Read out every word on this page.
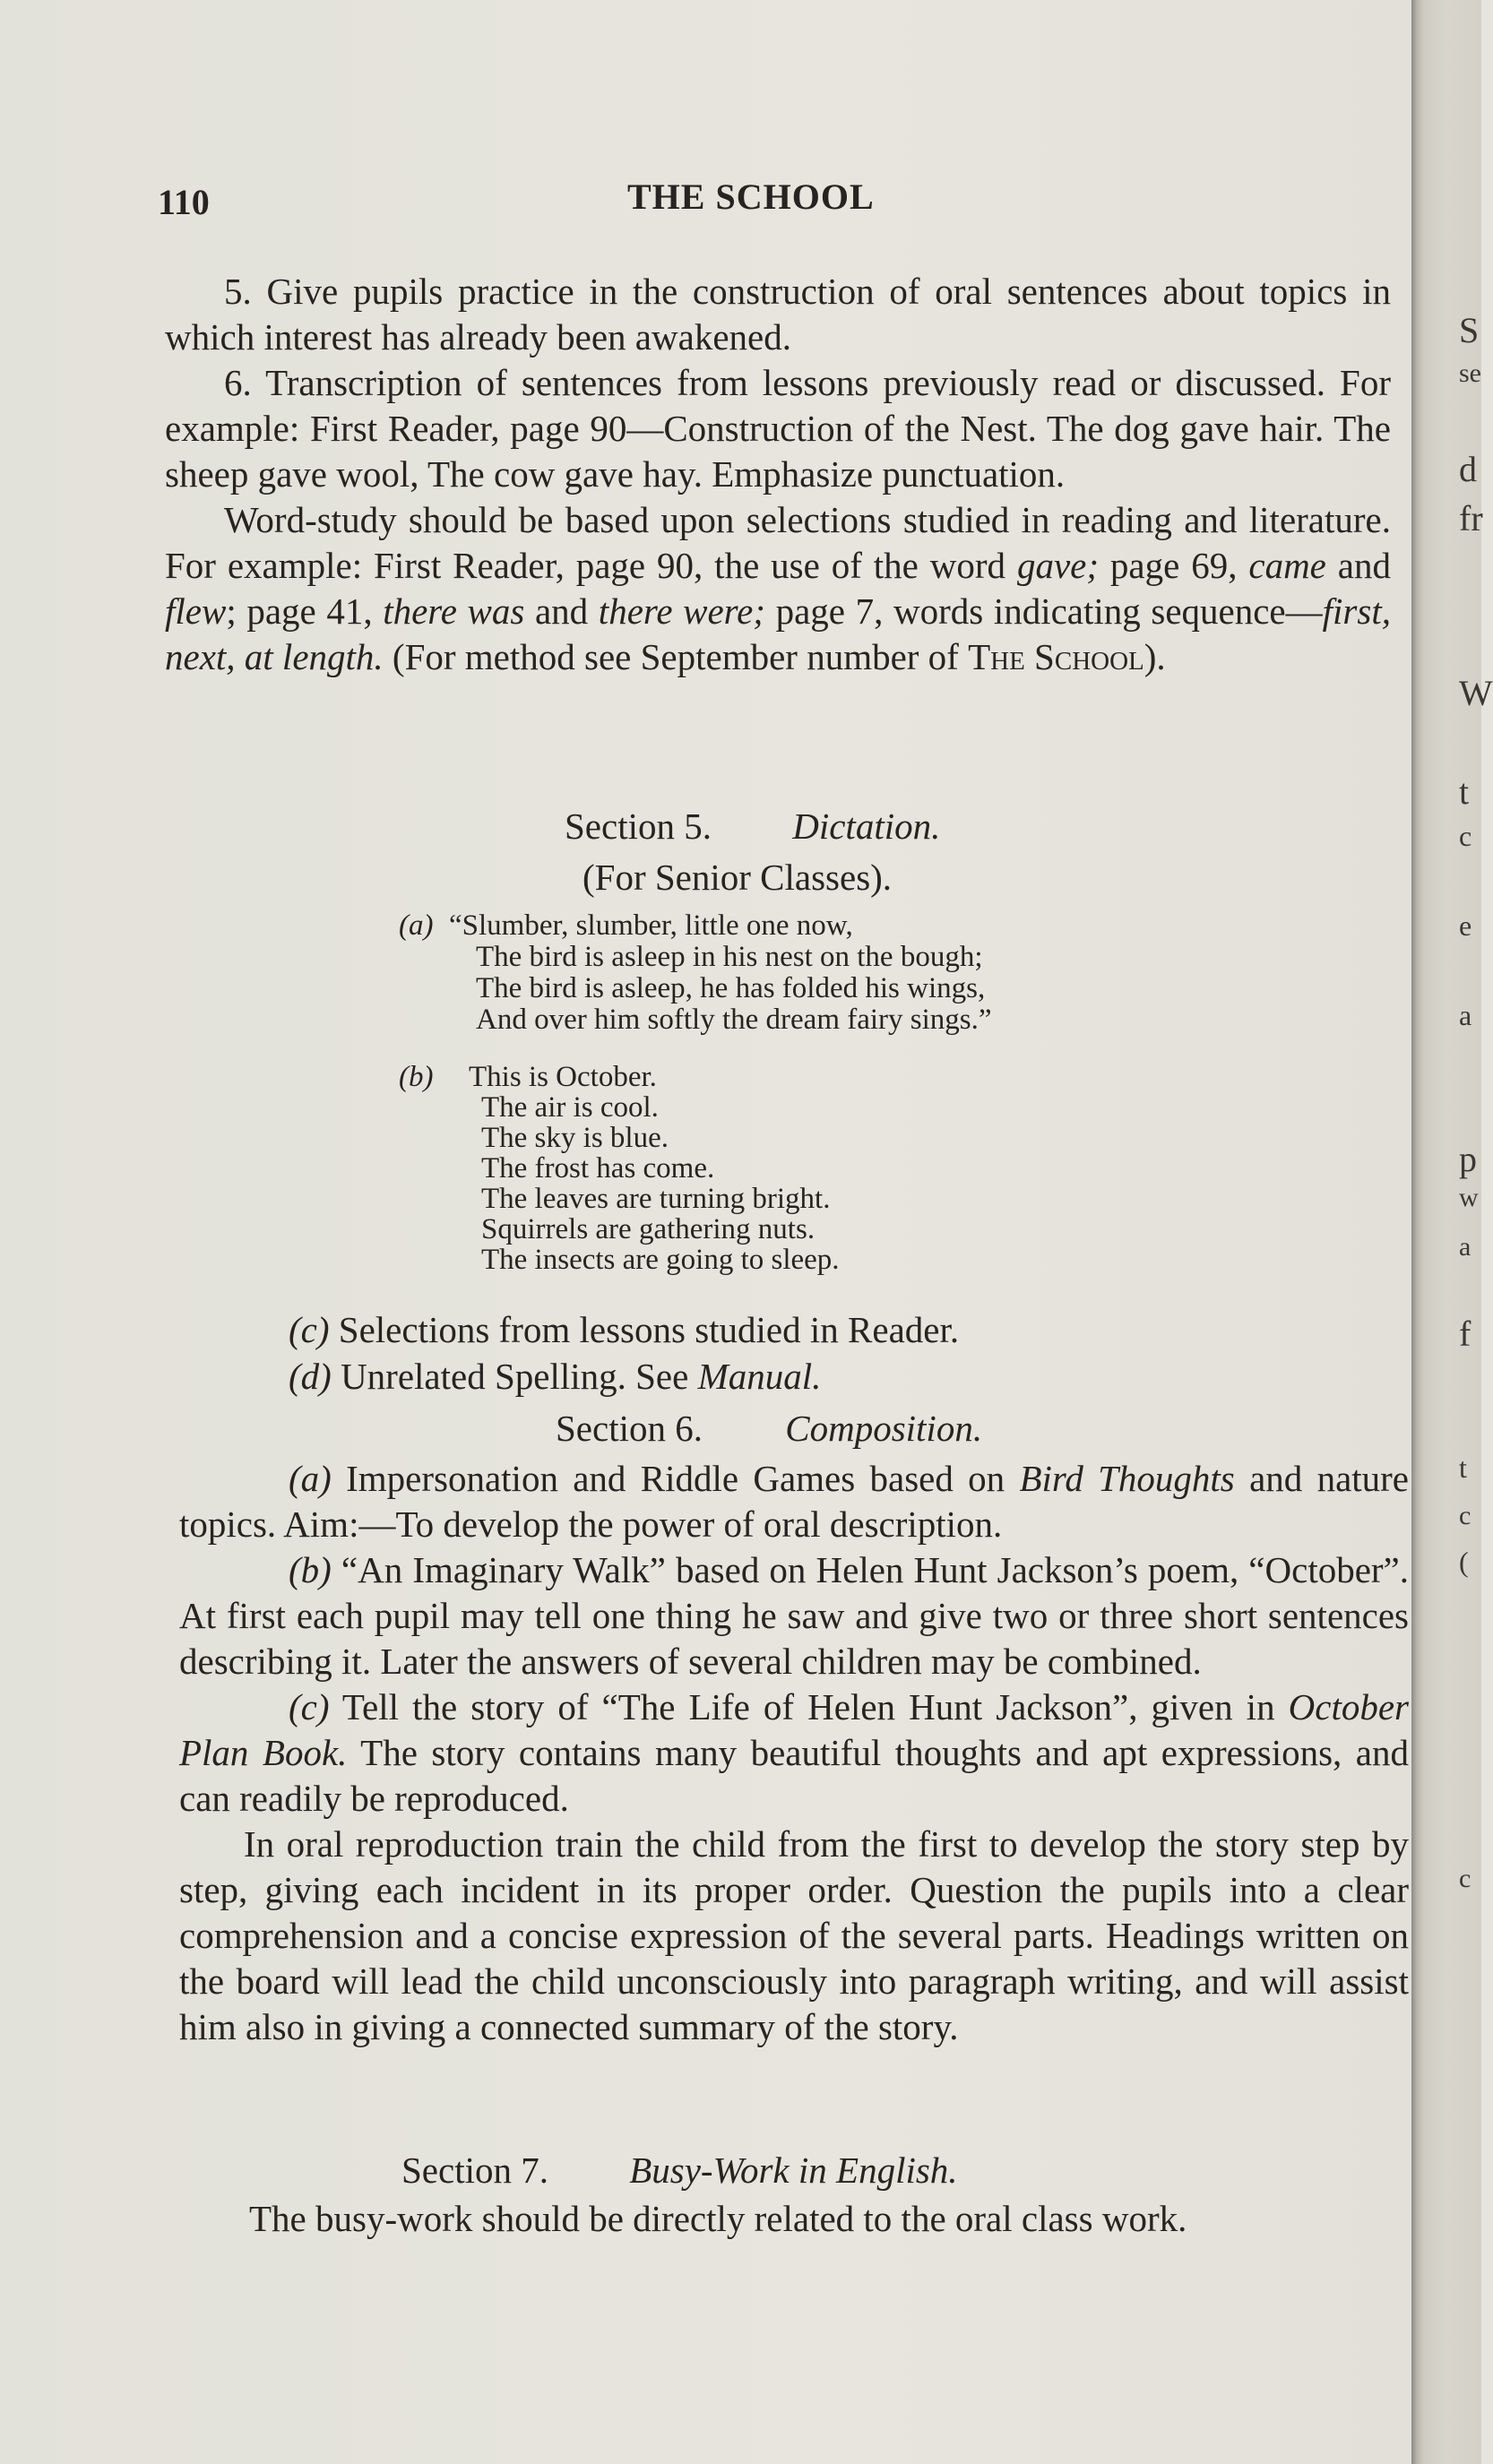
S
se
d
fr
W
t
c
e
a
p
w
a
f
t
c
(
c
110	THE SCHOOL

5. Give pupils practice in the construction of oral sentences about topics in which interest has already been awakened.

6. Transcription of sentences from lessons previously read or discussed. For example: First Reader, page 90—Construction of the Nest. The dog gave hair. The sheep gave wool, The cow gave hay. Emphasize punctuation.

Word-study should be based upon selections studied in reading and literature. For example: First Reader, page 90, the use of the word gave; page 69, came and flew; page 41, there was and there were; page 7, words indicating sequence—first, next, at length. (For method see September number of The School).

Section 5. Dictation.
(For Senior Classes).
(a) “Slumber, slumber, little one now,
The bird is asleep in his nest on the bough;
The bird is asleep, he has folded his wings,
And over him softly the dream fairy sings.”
(b) This is October.
The air is cool.
The sky is blue.
The frost has come.
The leaves are turning bright.
Squirrels are gathering nuts.
The insects are going to sleep.
(c) Selections from lessons studied in Reader.
(d) Unrelated Spelling. See Manual.
Section 6. Composition.

(a) Impersonation and Riddle Games based on Bird Thoughts and nature topics. Aim:—To develop the power of oral description.

(b) “An Imaginary Walk” based on Helen Hunt Jackson’s poem, “October”. At first each pupil may tell one thing he saw and give two or three short sentences describing it. Later the answers of several children may be combined.

(c) Tell the story of “The Life of Helen Hunt Jackson”, given in October Plan Book. The story contains many beautiful thoughts and apt expressions, and can readily be reproduced.

In oral reproduction train the child from the first to develop the story step by step, giving each incident in its proper order. Question the pupils into a clear comprehension and a concise expression of the several parts. Headings written on the board will lead the child unconsciously into paragraph writing, and will assist him also in giving a connected summary of the story.

Section 7. Busy-Work in English.
The busy-work should be directly related to the oral class work.
